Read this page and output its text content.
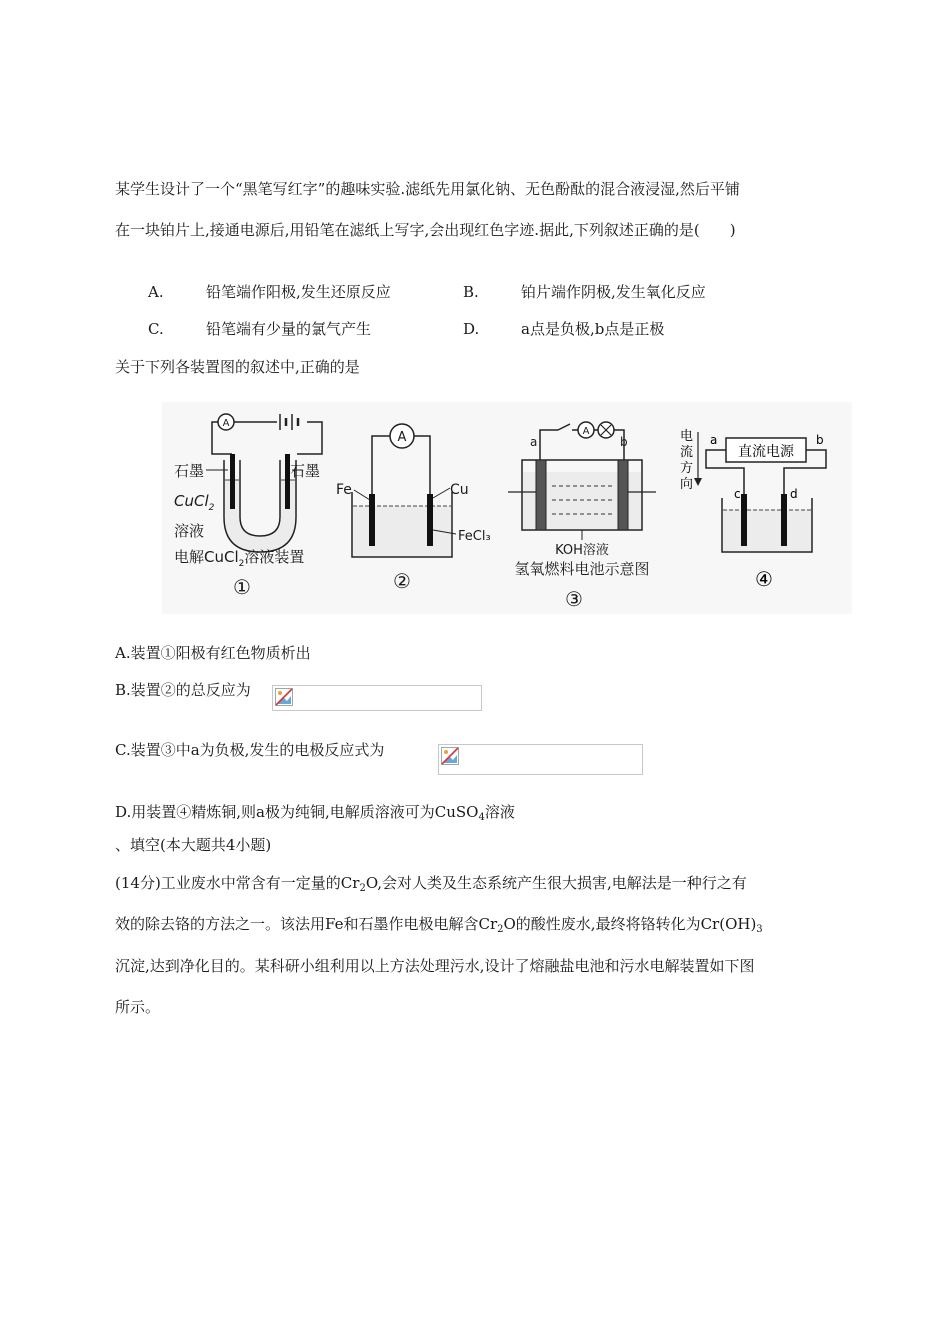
某学生设计了一个“黑笔写红字”的趣味实验.滤纸先用氯化钠、无色酚酞的混合液浸湿,然后平铺
在一块铂片上,接通电源后,用铅笔在滤纸上写字,会出现红色字迹.据此,下列叙述正确的是(　　)
A.	铅笔端作阳极,发生还原反应	B.	铂片端作阴极,发生氧化反应
C.	铅笔端有少量的氯气产生	D.	a点是负极,b点是正极
关于下列各装置图的叙述中,正确的是
A
石墨	石墨
CuCl$_2$
溶液
电解CuCl$_2$溶液装置
①
A
Fe	Cu
FeCl₃
②
a	b
A
KOH溶液
氢氧燃料电池示意图
③
电
流
方
向
a	b
直流电源
c	d
④
A.装置①阳极有红色物质析出
B.装置②的总反应为
C.装置③中a为负极,发生的电极反应式为
D.用装置④精炼铜,则a极为纯铜,电解质溶液可为CuSO$_4$溶液
、填空(本大题共4小题)
(14分)工业废水中常含有一定量的$Cr_2O$,会对人类及生态系统产生很大损害,电解法是一种行之有
效的除去铬的方法之一。该法用Fe和石墨作电极电解含$Cr_2O$的酸性废水,最终将铬转化为$Cr(OH)_3$
沉淀,达到净化目的。某科研小组利用以上方法处理污水,设计了熔融盐电池和污水电解装置如下图
所示。
